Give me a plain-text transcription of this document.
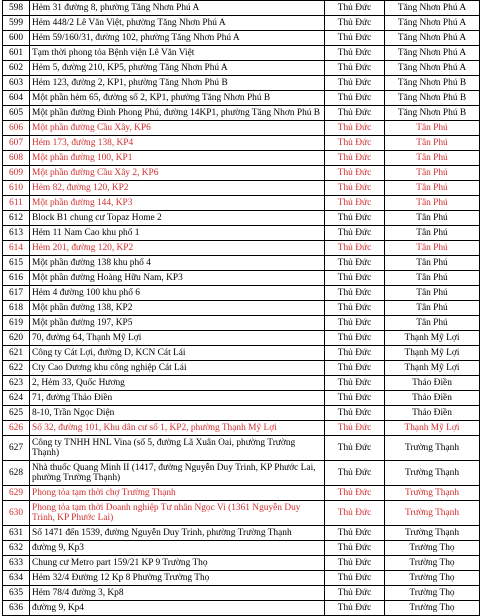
598	Hẻm 31 đường 8, phường Tăng Nhơn Phú A	Thủ Đức	Tăng Nhơn Phú A
599	Hẻm 448/2 Lê Văn Việt, phường Tăng Nhơn Phú A	Thủ Đức	Tăng Nhơn Phú A
600	Hẻm 59/160/31, đường 102, phường Tăng Nhơn Phú A	Thủ Đức	Tăng Nhơn Phú A
601	Tạm thời phong tỏa Bệnh viện Lê Văn Việt	Thủ Đức	Tăng Nhơn Phú A
602	Hẻm 5, đường 210, KP5, phường Tăng Nhơn Phú A	Thủ Đức	Tăng Nhơn Phú A
603	Hẻm 123, đường 2, KP1, phường Tăng Nhơn Phú B	Thủ Đức	Tăng Nhơn Phú B
604	Một phần hẻm 65, đường số 2, KP1, phường Tăng Nhơn Phú B	Thủ Đức	Tăng Nhơn Phú B
605	Một phần đường Đình Phong Phú, đường 14KP1, phường Tăng Nhơn Phú B	Thủ Đức	Tăng Nhơn Phú B
606	Một phần đường Cầu Xây, KP6	Thủ Đức	Tân Phú
607	Hẻm 173, đường 138, KP4	Thủ Đức	Tân Phú
608	Một phần đường 100, KP1	Thủ Đức	Tân Phú
609	Một phần đường Cầu Xây 2, KP6	Thủ Đức	Tân Phú
610	Hẻm 82, đường 120, KP2	Thủ Đức	Tân Phú
611	Một phần đường 144, KP3	Thủ Đức	Tân Phú
612	Block B1 chung cư Topaz Home 2	Thủ Đức	Tân Phú
613	Hẻm 11 Nam Cao khu phố 1	Thủ Đức	Tân Phú
614	Hẻm 201, đường 120, KP2	Thủ Đức	Tân Phú
615	Một phần đường 138 khu phố 4	Thủ Đức	Tân Phú
616	Một phần đường Hoàng Hữu Nam, KP3	Thủ Đức	Tân Phú
617	Hẻm 4 đường 100 khu phố 6	Thủ Đức	Tân Phú
618	Một phần đường 138, KP2	Thủ Đức	Tân Phú
619	Một phần đường 197, KP5	Thủ Đức	Tân Phú
620	70, đường 64, Thạnh Mỹ Lợi	Thủ Đức	Thạnh Mỹ Lợi
621	Công ty Cát Lợi, đường D, KCN Cát Lái	Thủ Đức	Thạnh Mỹ Lợi
622	Cty Cao Dương khu công nghiệp Cát Lái	Thủ Đức	Thạnh Mỹ Lợi
623	2, Hẻm 33, Quốc Hương	Thủ Đức	Thảo Điền
624	71, đường Thảo Điền	Thủ Đức	Thảo Điền
625	8-10, Trần Ngọc Diện	Thủ Đức	Thảo Điền
626	Số 32, đường 101, Khu dân cư số 1, KP2, phường Thạnh Mỹ Lợi	Thủ Đức	Thạnh Mỹ Lợi
627	Công ty TNHH HNL Vina (số 5, đường Lã Xuân Oai, phường Trường Thạnh)	Thủ Đức	Trường Thạnh
628	Nhà thuốc Quang Minh II (1417, đường Nguyễn Duy Trinh, KP Phước Lai, phường Trường Thạnh)	Thủ Đức	Trường Thạnh
629	Phong tỏa tạm thời chợ Trường Thạnh	Thủ Đức	Trường Thạnh
630	Phong tỏa tạm thời Doanh nghiệp Tư nhân Ngọc Vi (1361 Nguyễn Duy Trinh, KP Phước Lai)	Thủ Đức	Trường Thạnh
631	Số 1471 đến 1539, đường Nguyễn Duy Trinh, phường Trường Thạnh	Thủ Đức	Trường Thạnh
632	đường 9, Kp3	Thủ Đức	Trường Thọ
633	Chung cư Metro part 159/21 KP 9 Trường Thọ	Thủ Đức	Trường Thọ
634	Hẻm 32/4 Đường 12 Kp 8 Phường Trường Thọ	Thủ Đức	Trường Thọ
635	Hẻm 78/4 đường 3, Kp8	Thủ Đức	Trường Thọ
636	đường 9, Kp4	Thủ Đức	Trường Thọ
